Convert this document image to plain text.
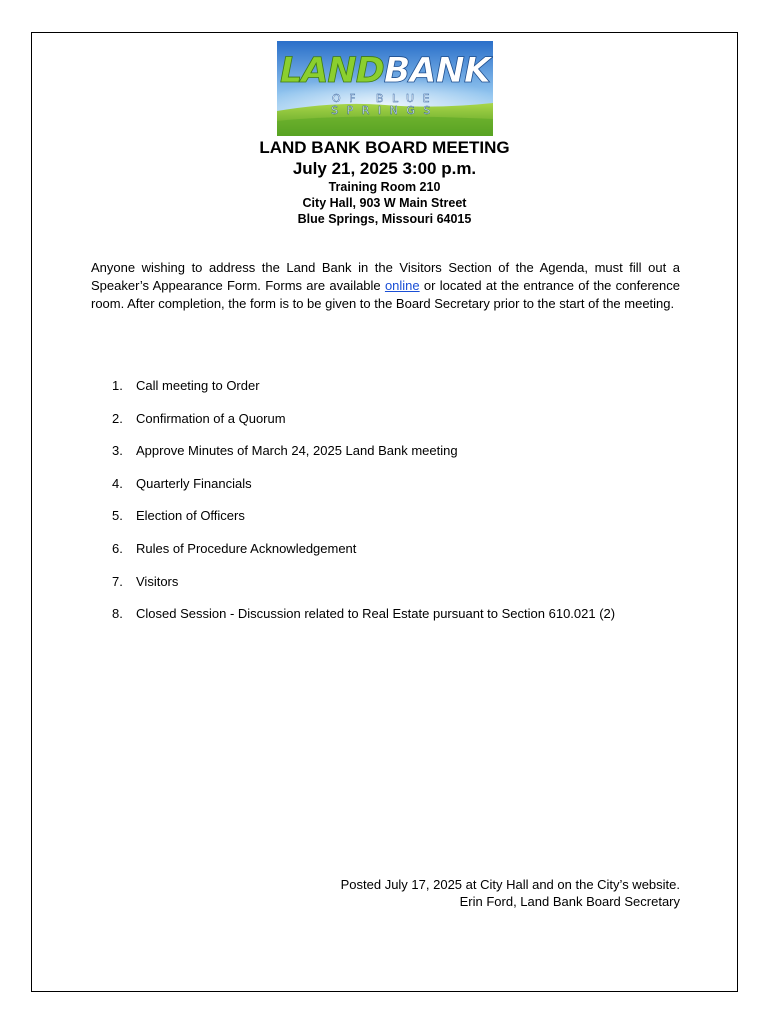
LANDBANK
OF BLUE SPRINGS
LAND BANK BOARD MEETING
July 21, 2025 3:00 p.m.
Training Room 210
City Hall, 903 W Main Street
Blue Springs, Missouri 64015
Anyone wishing to address the Land Bank in the Visitors Section of the Agenda, must fill out a Speaker’s Appearance Form. Forms are available online or located at the entrance of the conference room. After completion, the form is to be given to the Board Secretary prior to the start of the meeting.
1. Call meeting to Order
2. Confirmation of a Quorum
3. Approve Minutes of March 24, 2025 Land Bank meeting
4. Quarterly Financials
5. Election of Officers
6. Rules of Procedure Acknowledgement
7. Visitors
8. Closed Session - Discussion related to Real Estate pursuant to Section 610.021 (2)
Posted July 17, 2025 at City Hall and on the City’s website.
Erin Ford, Land Bank Board Secretary
